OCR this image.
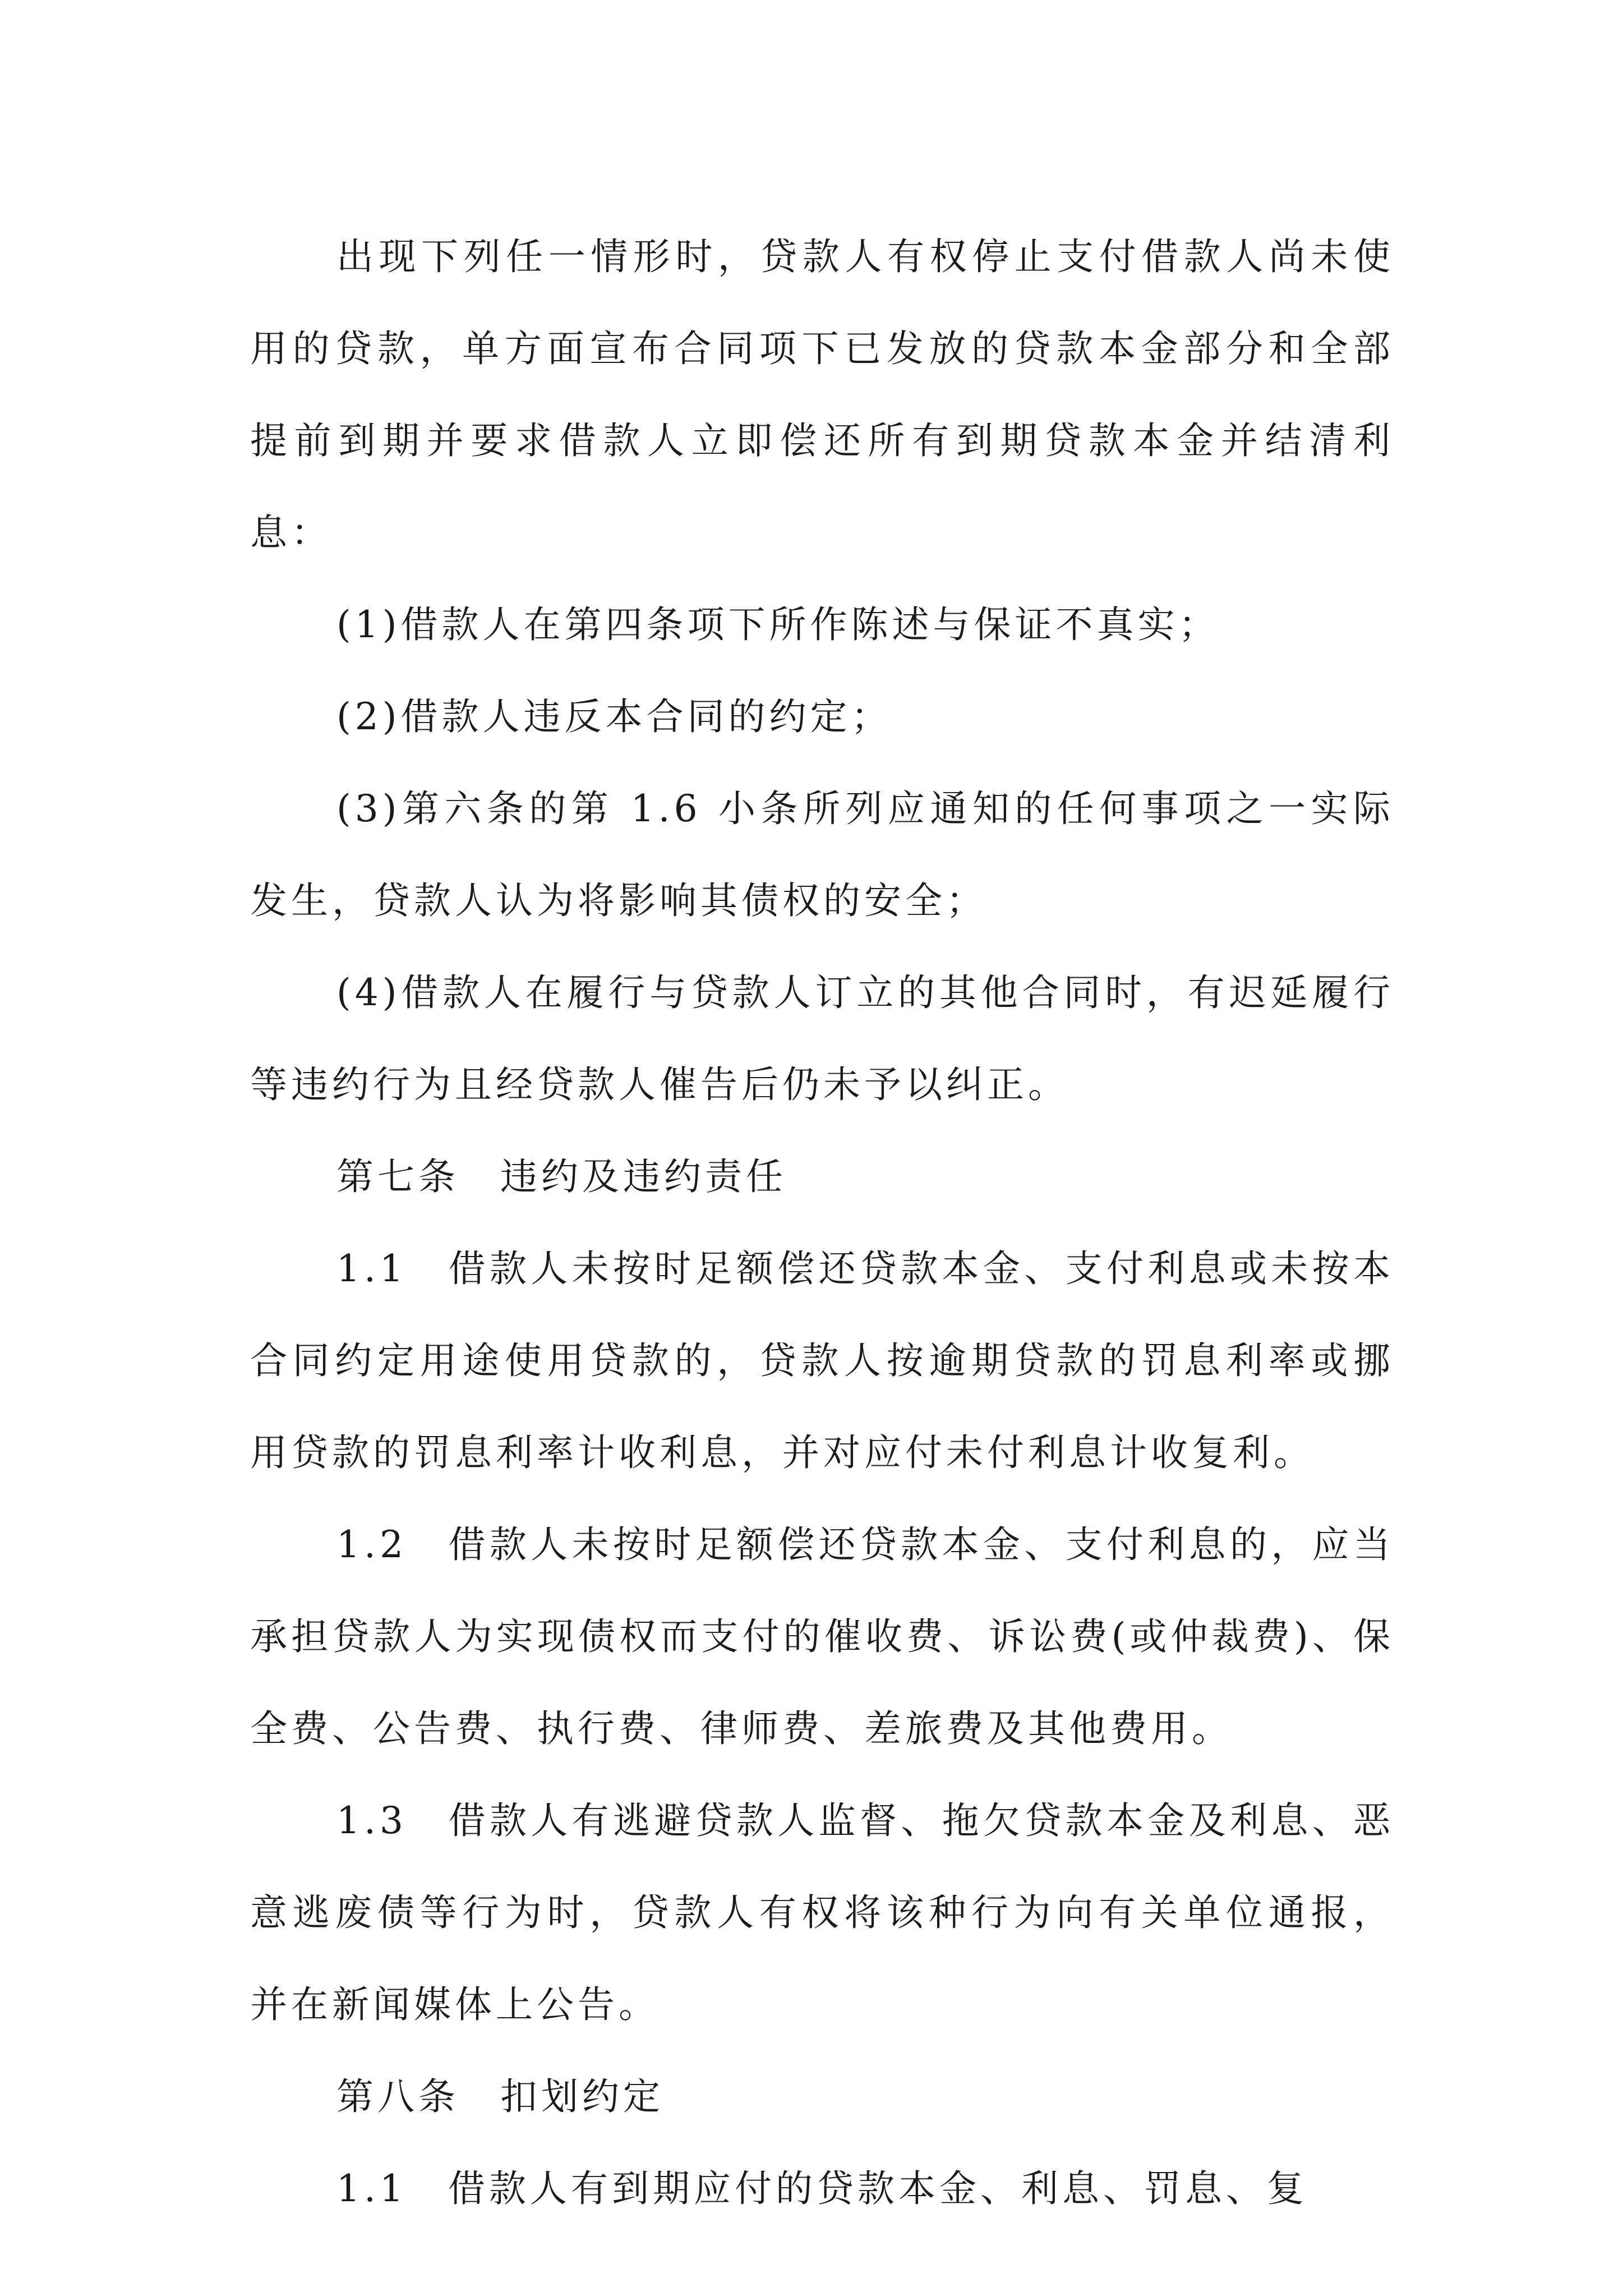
出现下列任一情形时，贷款人有权停止支付借款人尚未使用的贷款，单方面宣布合同项下已发放的贷款本金部分和全部提前到期并要求借款人立即偿还所有到期贷款本金并结清利息：

(1)借款人在第四条项下所作陈述与保证不真实；

(2)借款人违反本合同的约定；

(3)第六条的第 1.6 小条所列应通知的任何事项之一实际发生，贷款人认为将影响其债权的安全；

(4)借款人在履行与贷款人订立的其他合同时，有迟延履行等违约行为且经贷款人催告后仍未予以纠正。

第七条　违约及违约责任

1.1　借款人未按时足额偿还贷款本金、支付利息或未按本合同约定用途使用贷款的，贷款人按逾期贷款的罚息利率或挪用贷款的罚息利率计收利息，并对应付未付利息计收复利。

1.2　借款人未按时足额偿还贷款本金、支付利息的，应当承担贷款人为实现债权而支付的催收费、诉讼费(或仲裁费)、保全费、公告费、执行费、律师费、差旅费及其他费用。

1.3　借款人有逃避贷款人监督、拖欠贷款本金及利息、恶意逃废债等行为时，贷款人有权将该种行为向有关单位通报，并在新闻媒体上公告。

第八条　扣划约定

1.1　借款人有到期应付的贷款本金、利息、罚息、复
